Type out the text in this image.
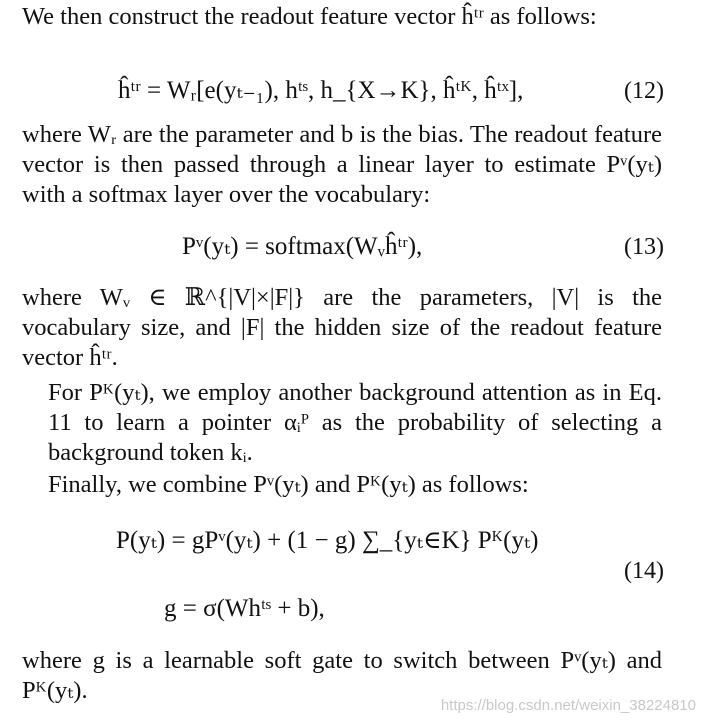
We then construct the readout feature vector ĥᵗʳ as follows:
ĥᵗʳ = Wᵣ[e(yₜ₋₁), hᵗˢ, h_{X→K}, ĥᵗᴷ, ĥᵗˣ],	(12)
where Wᵣ are the parameter and b is the bias. The readout feature vector is then passed through a linear layer to estimate Pᵛ(yₜ) with a softmax layer over the vocabulary:
Pᵛ(yₜ) = softmax(Wᵥĥᵗʳ),	(13)
where Wᵥ ∈ ℝ^{|V|×|F|} are the parameters, |V| is the vocabulary size, and |F| the hidden size of the readout feature vector ĥᵗʳ.
For Pᴷ(yₜ), we employ another background attention as in Eq. 11 to learn a pointer αᵢᴾ as the probability of selecting a background token kᵢ.
Finally, we combine Pᵛ(yₜ) and Pᴷ(yₜ) as follows:
P(yₜ) = gPᵛ(yₜ) + (1 − g) ∑_{yₜ∈K} Pᴷ(yₜ)
(14)
g = σ(Whᵗˢ + b),
where g is a learnable soft gate to switch between Pᵛ(yₜ) and Pᴷ(yₜ).
https://blog.csdn.net/weixin_38224810
